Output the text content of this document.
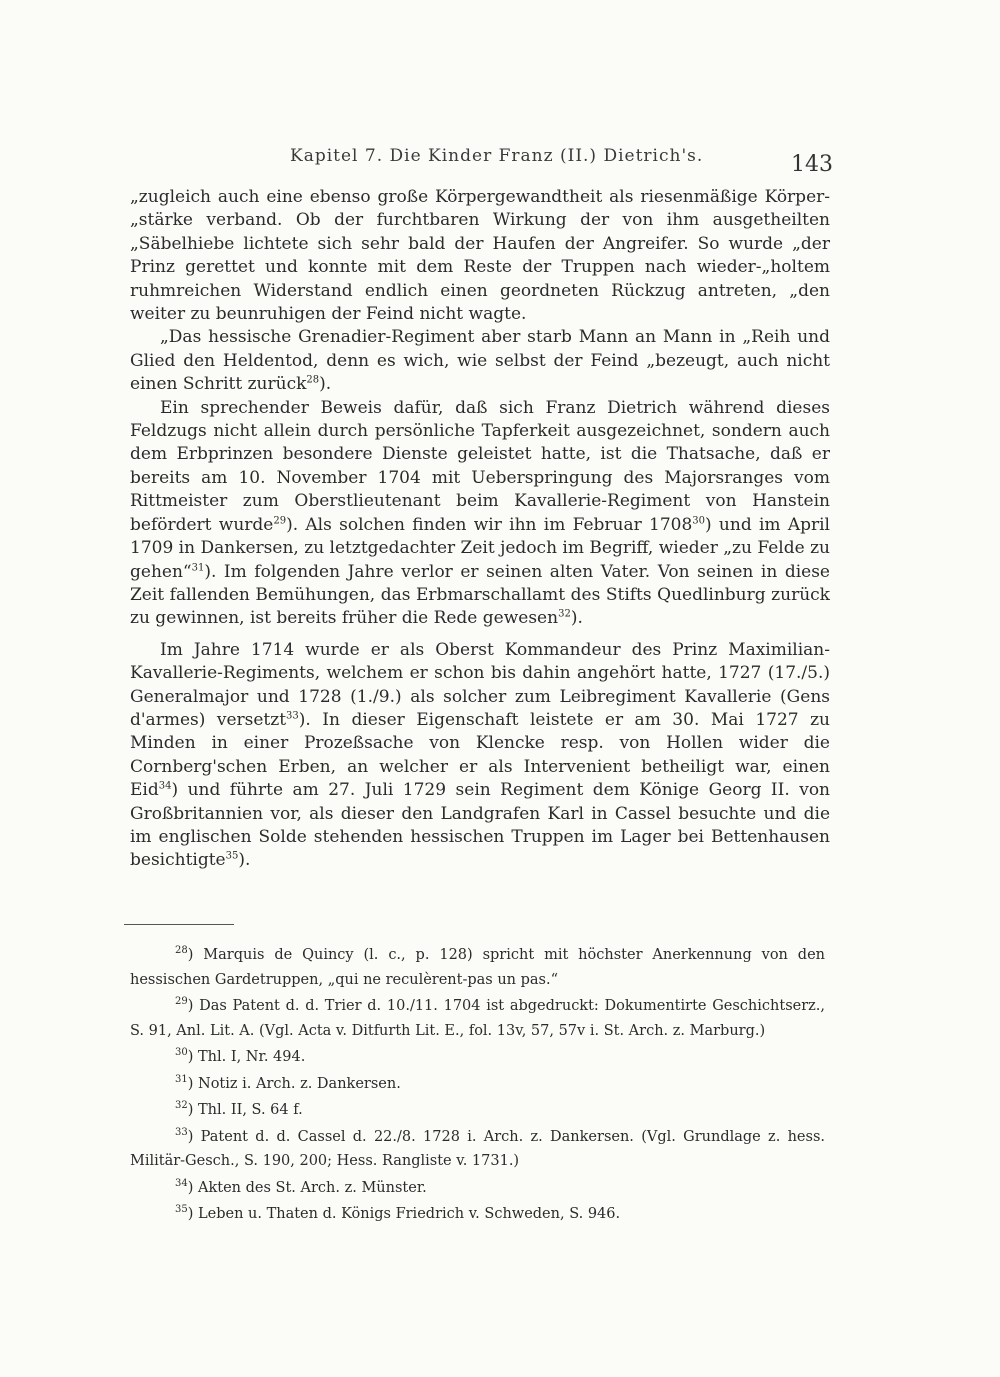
Kapitel 7. Die Kinder Franz (II.) Dietrich's.	143

„zugleich auch eine ebenso große Körpergewandtheit als riesenmäßige Körper-„stärke verband. Ob der furchtbaren Wirkung der von ihm ausgetheilten „Säbelhiebe lichtete sich sehr bald der Haufen der Angreifer. So wurde „der Prinz gerettet und konnte mit dem Reste der Truppen nach wieder-„holtem ruhmreichen Widerstand endlich einen geordneten Rückzug antreten, „den weiter zu beunruhigen der Feind nicht wagte.

„Das hessische Grenadier-Regiment aber starb Mann an Mann in „Reih und Glied den Heldentod, denn es wich, wie selbst der Feind „bezeugt, auch nicht einen Schritt zurück$^{28}$).

Ein sprechender Beweis dafür, daß sich Franz Dietrich während dieses Feldzugs nicht allein durch persönliche Tapferkeit ausgezeichnet, sondern auch dem Erbprinzen besondere Dienste geleistet hatte, ist die Thatsache, daß er bereits am 10. November 1704 mit Ueberspringung des Majorsranges vom Rittmeister zum Oberstlieutenant beim Kavallerie-Regiment von Hanstein befördert wurde$^{29}$). Als solchen finden wir ihn im Februar 1708$^{30}$) und im April 1709 in Dankersen, zu letztgedachter Zeit jedoch im Begriff, wieder „zu Felde zu gehen“$^{31}$). Im folgenden Jahre verlor er seinen alten Vater. Von seinen in diese Zeit fallenden Bemühungen, das Erbmarschallamt des Stifts Quedlinburg zurück zu gewinnen, ist bereits früher die Rede gewesen$^{32}$).

Im Jahre 1714 wurde er als Oberst Kommandeur des Prinz Maximilian-Kavallerie-Regiments, welchem er schon bis dahin angehört hatte, 1727 (17./5.) Generalmajor und 1728 (1./9.) als solcher zum Leibregiment Kavallerie (Gens d'armes) versetzt$^{33}$). In dieser Eigenschaft leistete er am 30. Mai 1727 zu Minden in einer Prozeßsache von Klencke resp. von Hollen wider die Cornberg'schen Erben, an welcher er als Intervenient betheiligt war, einen Eid$^{34}$) und führte am 27. Juli 1729 sein Regiment dem Könige Georg II. von Großbritannien vor, als dieser den Landgrafen Karl in Cassel besuchte und die im englischen Solde stehenden hessischen Truppen im Lager bei Bettenhausen besichtigte$^{35}$).

$^{28}$) Marquis de Quincy (l. c., p. 128) spricht mit höchster Anerkennung von den hessischen Gardetruppen, „qui ne reculèrent-pas un pas.“

$^{29}$) Das Patent d. d. Trier d. 10./11. 1704 ist abgedruckt: Dokumentirte Geschichtserz., S. 91, Anl. Lit. A. (Vgl. Acta v. Ditfurth Lit. E., fol. 13v, 57, 57v i. St. Arch. z. Marburg.)

$^{30}$) Thl. I, Nr. 494.

$^{31}$) Notiz i. Arch. z. Dankersen.

$^{32}$) Thl. II, S. 64 f.

$^{33}$) Patent d. d. Cassel d. 22./8. 1728 i. Arch. z. Dankersen. (Vgl. Grundlage z. hess. Militär-Gesch., S. 190, 200; Hess. Rangliste v. 1731.)

$^{34}$) Akten des St. Arch. z. Münster.

$^{35}$) Leben u. Thaten d. Königs Friedrich v. Schweden, S. 946.
